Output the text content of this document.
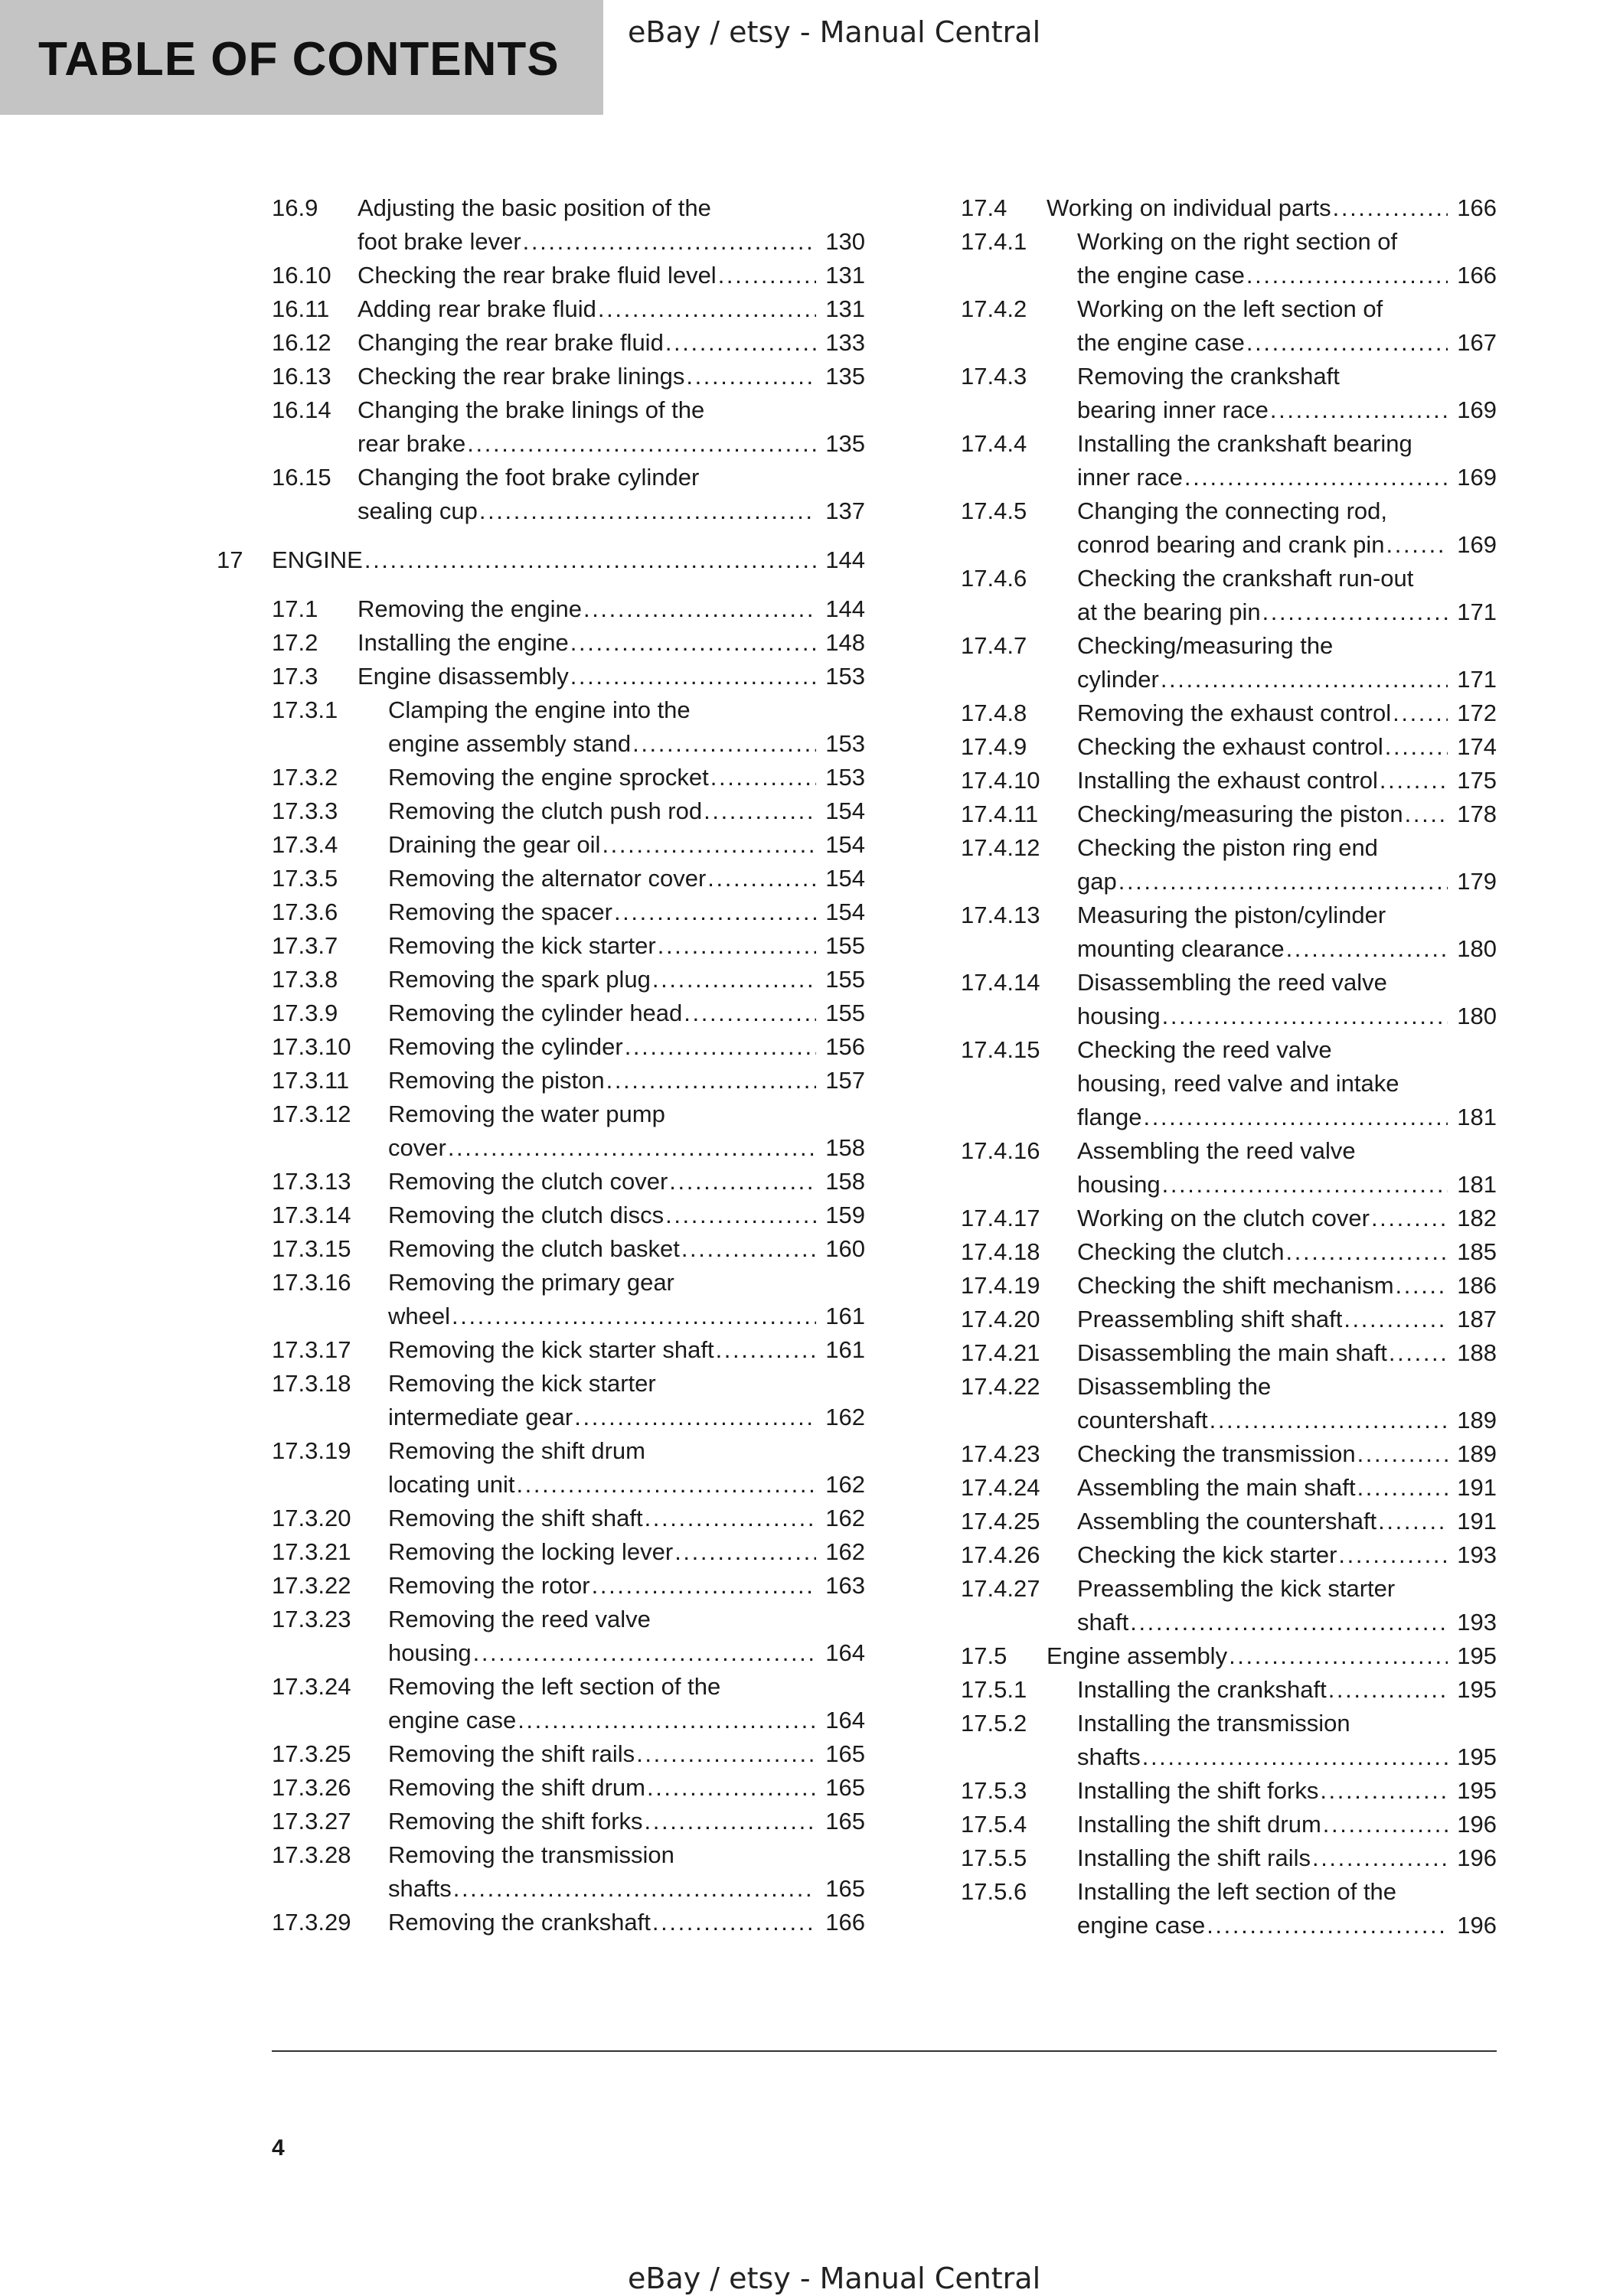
TABLE OF CONTENTS
eBay / etsy - Manual Central
16.9 Adjusting the basic position of the
foot brake lever . . .	130
16.10 Checking the rear brake fluid level . . .	131
16.11 Adding rear brake fluid . . .	131
16.12 Changing the rear brake fluid . . .	133
16.13 Checking the rear brake linings . . .	135
16.14 Changing the brake linings of the
rear brake . . .	135
16.15 Changing the foot brake cylinder
sealing cup . . .	137
17 ENGINE . . .	144
17.1 Removing the engine . . .	144
17.2 Installing the engine . . .	148
17.3 Engine disassembly . . .	153
17.3.1 Clamping the engine into the
engine assembly stand . . .	153
17.3.2 Removing the engine sprocket . . .	153
17.3.3 Removing the clutch push rod . . .	154
17.3.4 Draining the gear oil . . .	154
17.3.5 Removing the alternator cover . . .	154
17.3.6 Removing the spacer . . .	154
17.3.7 Removing the kick starter . . .	155
17.3.8 Removing the spark plug . . .	155
17.3.9 Removing the cylinder head . . .	155
17.3.10 Removing the cylinder . . .	156
17.3.11 Removing the piston . . .	157
17.3.12 Removing the water pump
cover . . .	158
17.3.13 Removing the clutch cover . . .	158
17.3.14 Removing the clutch discs . . .	159
17.3.15 Removing the clutch basket . . .	160
17.3.16 Removing the primary gear
wheel . . .	161
17.3.17 Removing the kick starter shaft . . .	161
17.3.18 Removing the kick starter
intermediate gear . . .	162
17.3.19 Removing the shift drum
locating unit . . .	162
17.3.20 Removing the shift shaft . . .	162
17.3.21 Removing the locking lever . . .	162
17.3.22 Removing the rotor . . .	163
17.3.23 Removing the reed valve
housing . . .	164
17.3.24 Removing the left section of the
engine case . . .	164
17.3.25 Removing the shift rails . . .	165
17.3.26 Removing the shift drum . . .	165
17.3.27 Removing the shift forks . . .	165
17.3.28 Removing the transmission
shafts . . .	165
17.3.29 Removing the crankshaft . . .	166
17.4 Working on individual parts . . .	166
17.4.1 Working on the right section of
the engine case . . .	166
17.4.2 Working on the left section of
the engine case . . .	167
17.4.3 Removing the crankshaft
bearing inner race . . .	169
17.4.4 Installing the crankshaft bearing
inner race . . .	169
17.4.5 Changing the connecting rod,
conrod bearing and crank pin . . .	169
17.4.6 Checking the crankshaft run-out
at the bearing pin . . .	171
17.4.7 Checking/measuring the
cylinder . . .	171
17.4.8 Removing the exhaust control . . .	172
17.4.9 Checking the exhaust control . . .	174
17.4.10 Installing the exhaust control . . .	175
17.4.11 Checking/measuring the piston . . . 178
17.4.12 Checking the piston ring end
gap . . .	179
17.4.13 Measuring the piston/cylinder
mounting clearance . . .	180
17.4.14 Disassembling the reed valve
housing . . .	180
17.4.15 Checking the reed valve
housing, reed valve and intake
flange . . .	181
17.4.16 Assembling the reed valve
housing . . .	181
17.4.17 Working on the clutch cover . . .	182
17.4.18 Checking the clutch . . .	185
17.4.19 Checking the shift mechanism . . .	186
17.4.20 Preassembling shift shaft . . .	187
17.4.21 Disassembling the main shaft . . .	188
17.4.22 Disassembling the
countershaft . . .	189
17.4.23 Checking the transmission . . .	189
17.4.24 Assembling the main shaft . . .	191
17.4.25 Assembling the countershaft . . .	191
17.4.26 Checking the kick starter . . .	193
17.4.27 Preassembling the kick starter
shaft . . .	193
17.5 Engine assembly . . .	195
17.5.1 Installing the crankshaft . . .	195
17.5.2 Installing the transmission
shafts . . .	195
17.5.3 Installing the shift forks . . .	195
17.5.4 Installing the shift drum . . .	196
17.5.5 Installing the shift rails . . .	196
17.5.6 Installing the left section of the
engine case . . .	196
4
eBay / etsy - Manual Central
